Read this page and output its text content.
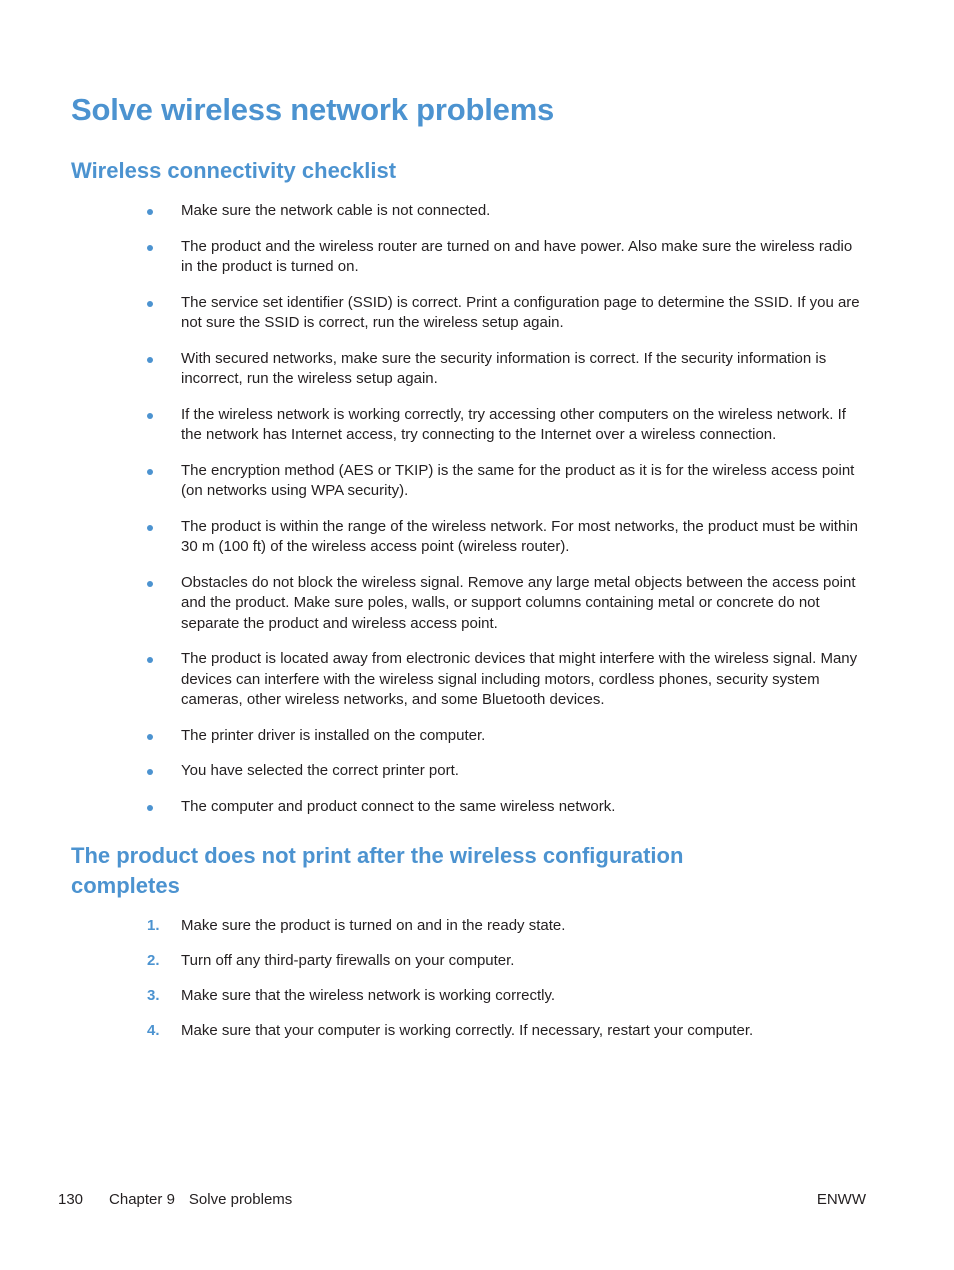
Solve wireless network problems
Wireless connectivity checklist
Make sure the network cable is not connected.
The product and the wireless router are turned on and have power. Also make sure the wireless radio in the product is turned on.
The service set identifier (SSID) is correct. Print a configuration page to determine the SSID. If you are not sure the SSID is correct, run the wireless setup again.
With secured networks, make sure the security information is correct. If the security information is incorrect, run the wireless setup again.
If the wireless network is working correctly, try accessing other computers on the wireless network. If the network has Internet access, try connecting to the Internet over a wireless connection.
The encryption method (AES or TKIP) is the same for the product as it is for the wireless access point (on networks using WPA security).
The product is within the range of the wireless network. For most networks, the product must be within 30 m (100 ft) of the wireless access point (wireless router).
Obstacles do not block the wireless signal. Remove any large metal objects between the access point and the product. Make sure poles, walls, or support columns containing metal or concrete do not separate the product and wireless access point.
The product is located away from electronic devices that might interfere with the wireless signal. Many devices can interfere with the wireless signal including motors, cordless phones, security system cameras, other wireless networks, and some Bluetooth devices.
The printer driver is installed on the computer.
You have selected the correct printer port.
The computer and product connect to the same wireless network.
The product does not print after the wireless configuration completes
1. Make sure the product is turned on and in the ready state.
2. Turn off any third-party firewalls on your computer.
3. Make sure that the wireless network is working correctly.
4. Make sure that your computer is working correctly. If necessary, restart your computer.
130 Chapter 9 Solve problems	ENWW
